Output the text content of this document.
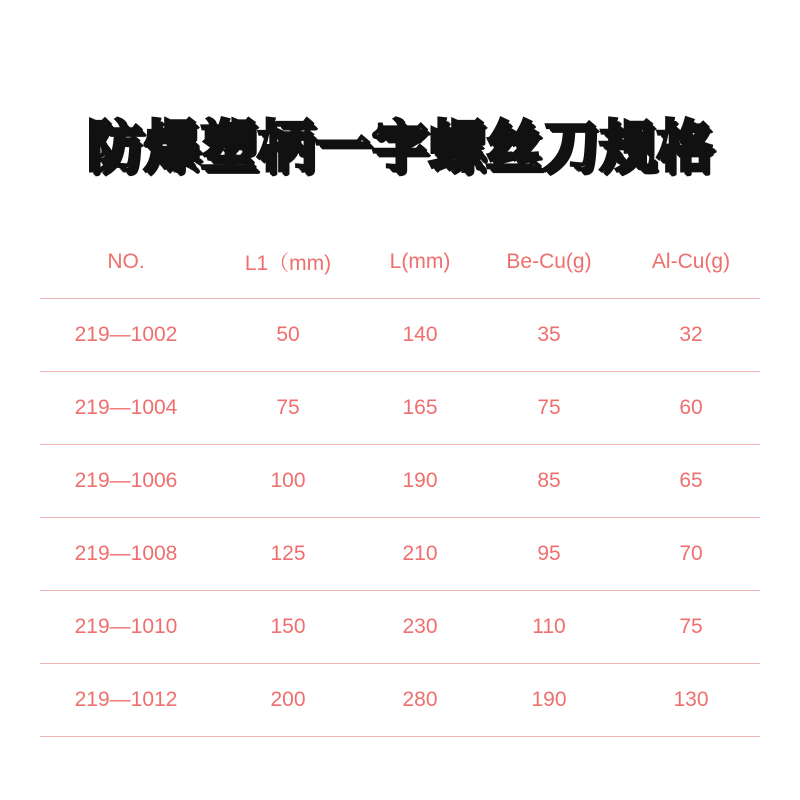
防爆塑柄一字螺丝刀规格
NO.	L1（mm)	L(mm)	Be-Cu(g)	Al-Cu(g)
219—1002	50	140	35	32
219—1004	75	165	75	60
219—1006	100	190	85	65
219—1008	125	210	95	70
219—1010	150	230	110	75
219—1012	200	280	190	130
